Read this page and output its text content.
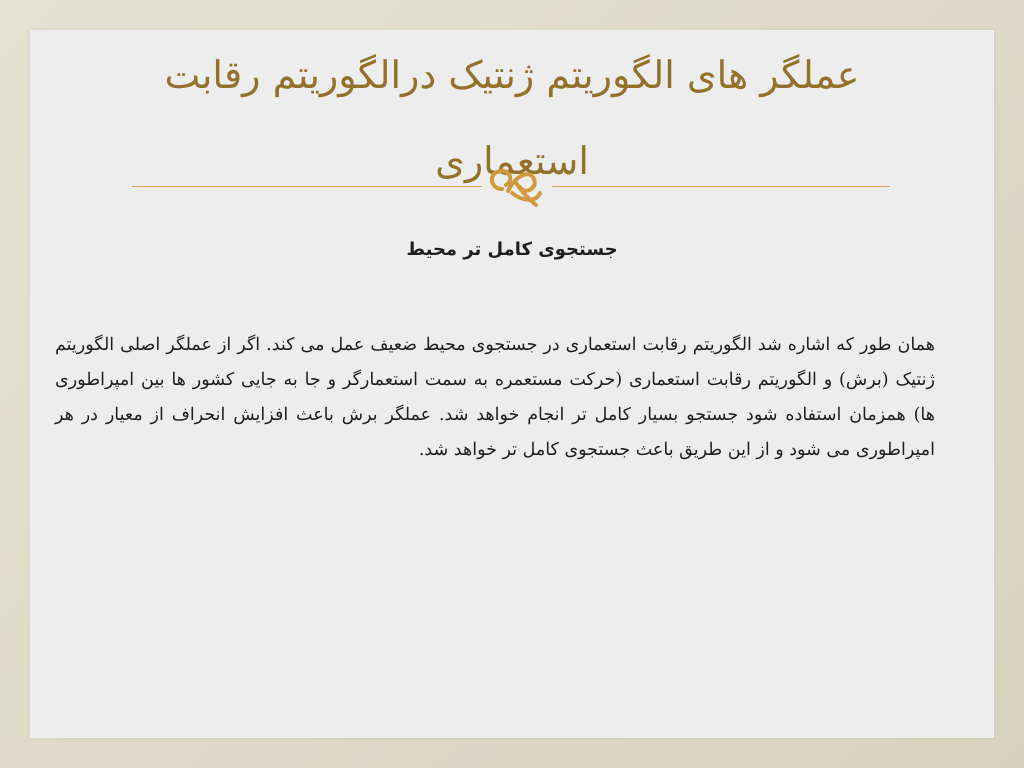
عملگر های الگوریتم ژنتیک درالگوریتم رقابت استعماری
جستجوی کامل تر محیط

همان طور که اشاره شد الگوریتم رقابت استعماری در جستجوی محیط ضعیف عمل می کند. اگر از عملگر اصلی الگوریتم ژنتیک (برش) و الگوریتم رقابت استعماری (حرکت مستعمره به سمت استعمارگر و جا به جایی کشور ها بین امپراطوری ها) همزمان استفاده شود جستجو بسیار کامل تر انجام خواهد شد. عملگر برش باعث افزایش انحراف از معیار در هر امپراطوری می شود و از این طریق باعث جستجوی کامل تر خواهد شد.
